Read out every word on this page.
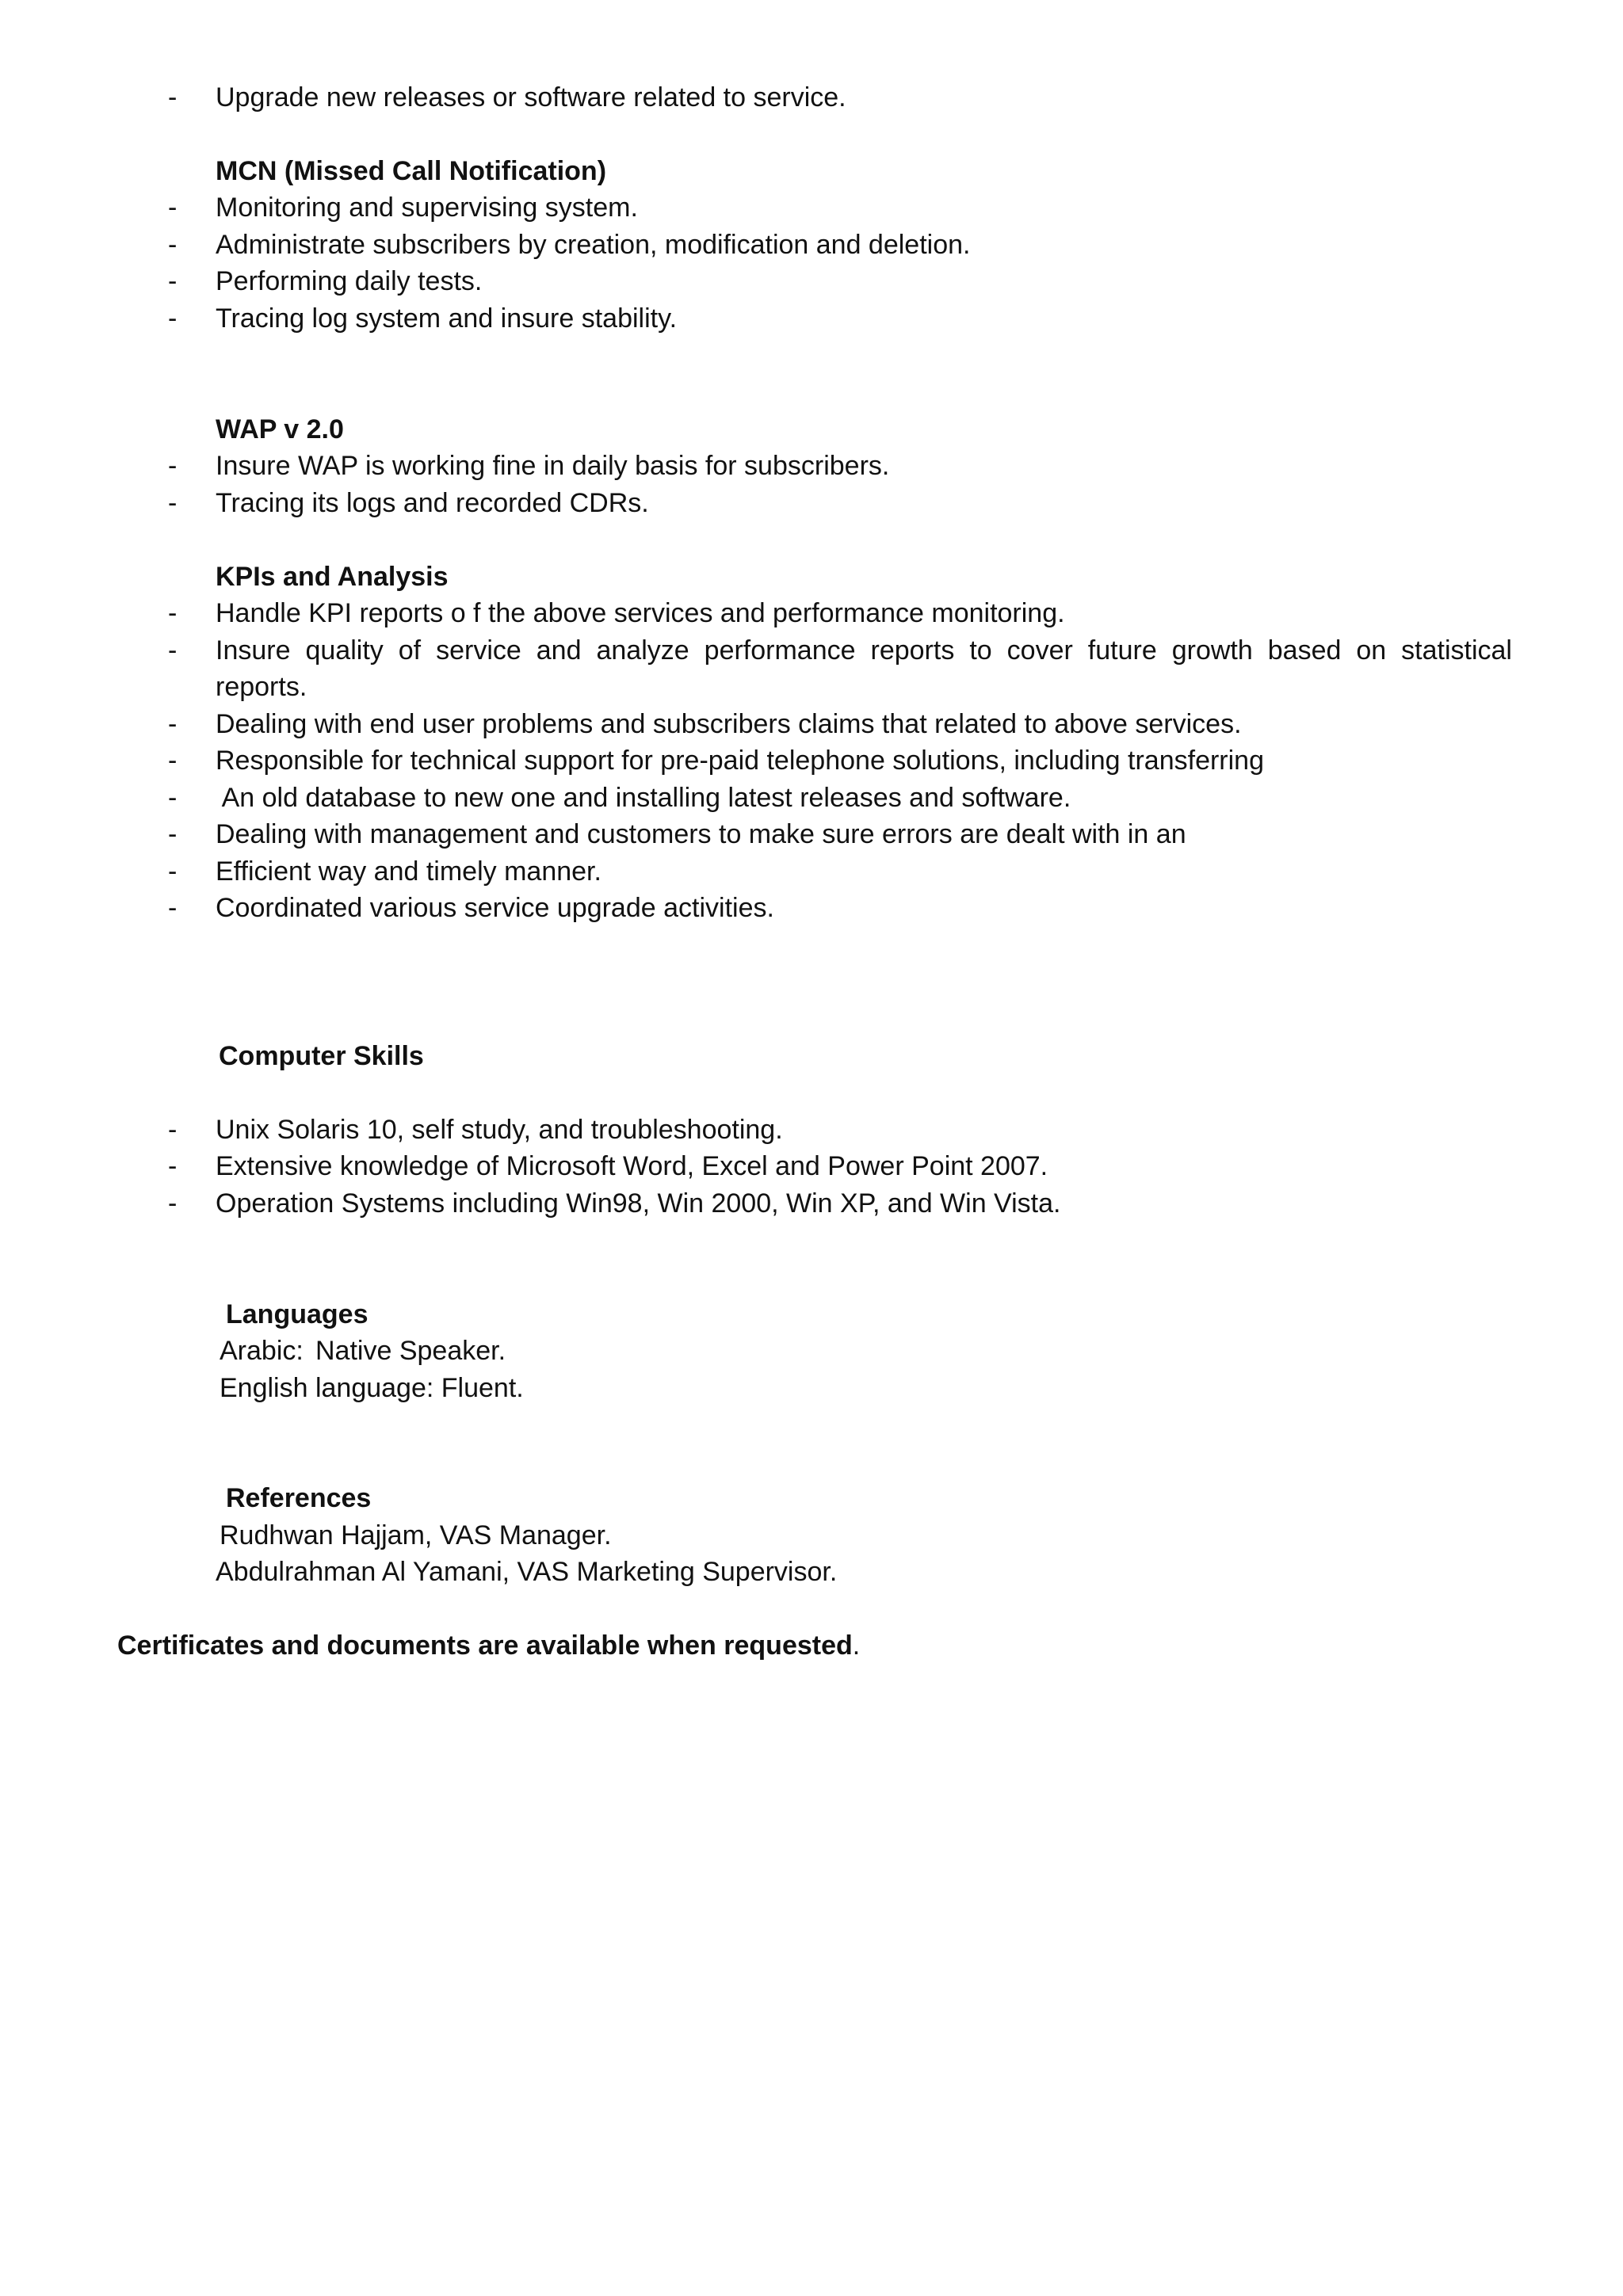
- Upgrade new releases or software related to service.
MCN (Missed Call Notification)
- Monitoring and supervising system.
- Administrate subscribers by creation, modification and deletion.
- Performing daily tests.
- Tracing log system and insure stability.
WAP v 2.0
- Insure WAP is working fine in daily basis for subscribers.
- Tracing its logs and recorded CDRs.
KPIs and Analysis
- Handle KPI reports o f the above services and performance monitoring.
- Insure quality of service and analyze performance reports to cover future growth based on statistical
reports.
- Dealing with end user problems and subscribers claims that related to above services.
- Responsible for technical support for pre-paid telephone solutions, including transferring
- An old database to new one and installing latest releases and software.
- Dealing with management and customers to make sure errors are dealt with in an
- Efficient way and timely manner.
- Coordinated various service upgrade activities.
Computer Skills
- Unix Solaris 10, self study, and troubleshooting.
- Extensive knowledge of Microsoft Word, Excel and Power Point 2007.
- Operation Systems including Win98, Win 2000, Win XP, and Win Vista.
Languages
Arabic: Native Speaker.
English language: Fluent.
References
Rudhwan Hajjam, VAS Manager.
Abdulrahman Al Yamani, VAS Marketing Supervisor.
Certificates and documents are available when requested.
